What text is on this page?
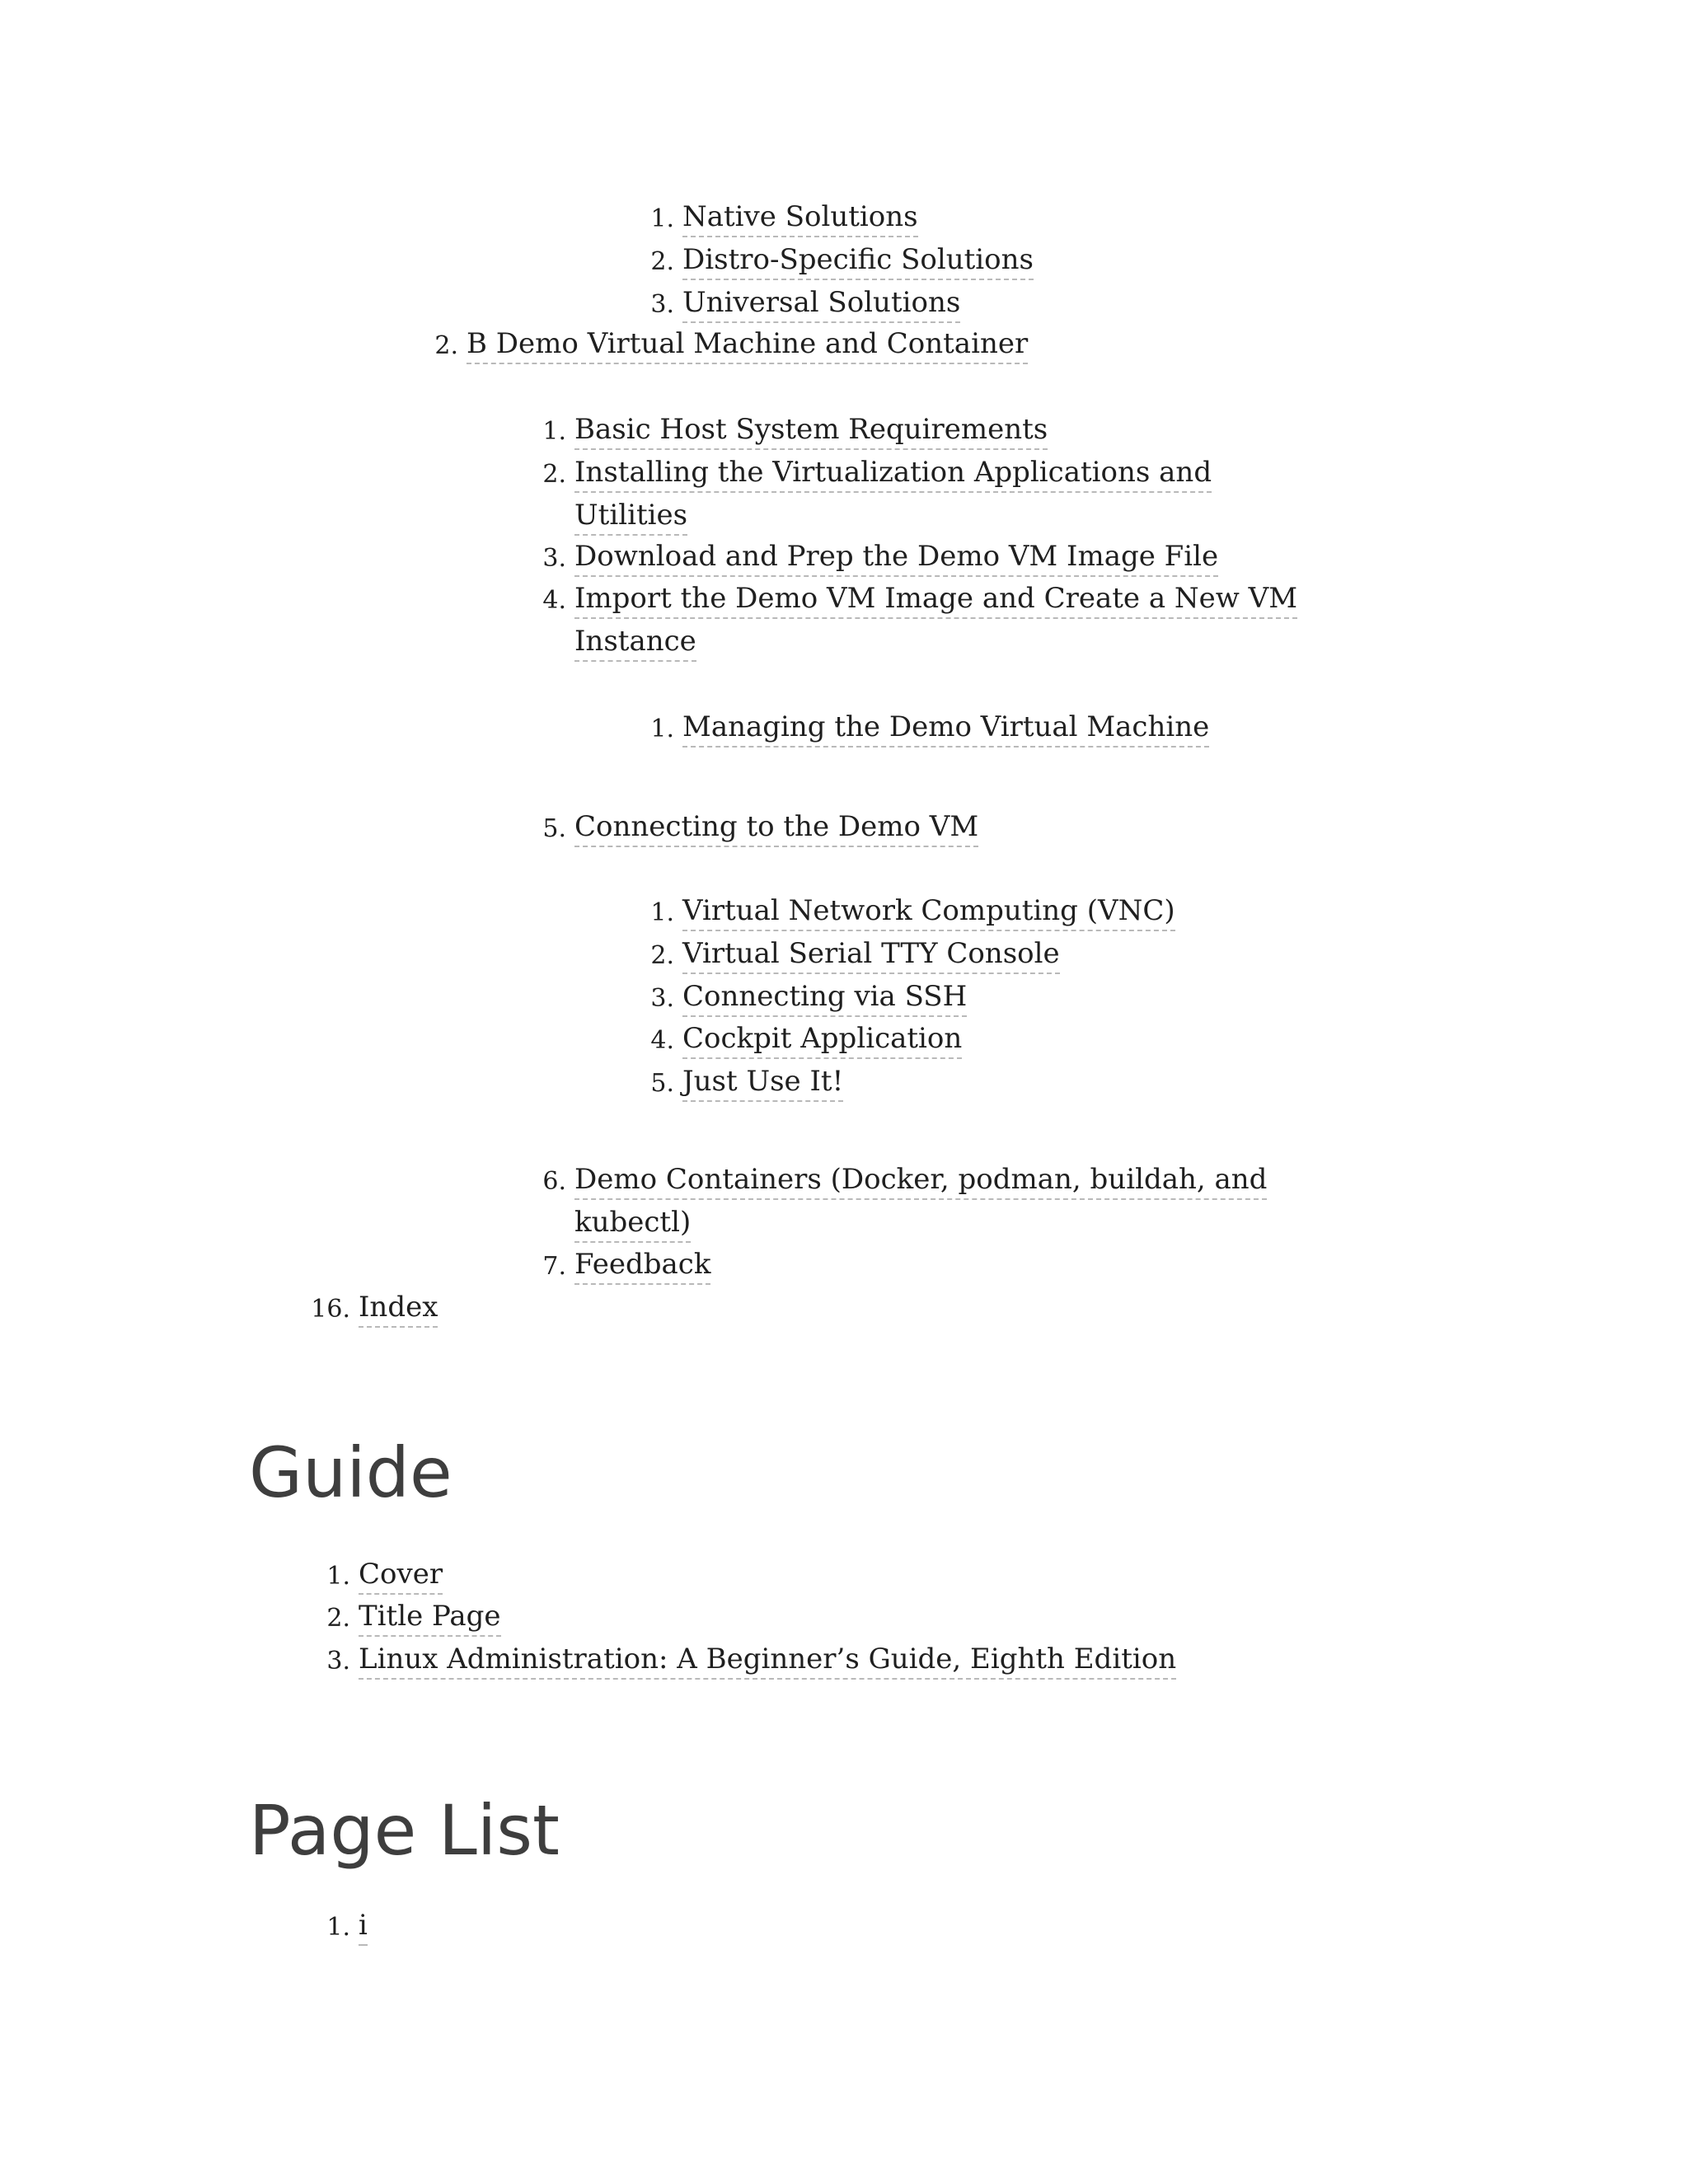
1. Native Solutions
2. Distro-Specific Solutions
3. Universal Solutions
2. B Demo Virtual Machine and Container
1. Basic Host System Requirements
2. Installing the Virtualization Applications and
Utilities
3. Download and Prep the Demo VM Image File
4. Import the Demo VM Image and Create a New VM
Instance
1. Managing the Demo Virtual Machine
5. Connecting to the Demo VM
1. Virtual Network Computing (VNC)
2. Virtual Serial TTY Console
3. Connecting via SSH
4. Cockpit Application
5. Just Use It!
6. Demo Containers (Docker, podman, buildah, and
kubectl)
7. Feedback
16. Index
Guide
1. Cover
2. Title Page
3. Linux Administration: A Beginner’s Guide, Eighth Edition
Page List
1. i
